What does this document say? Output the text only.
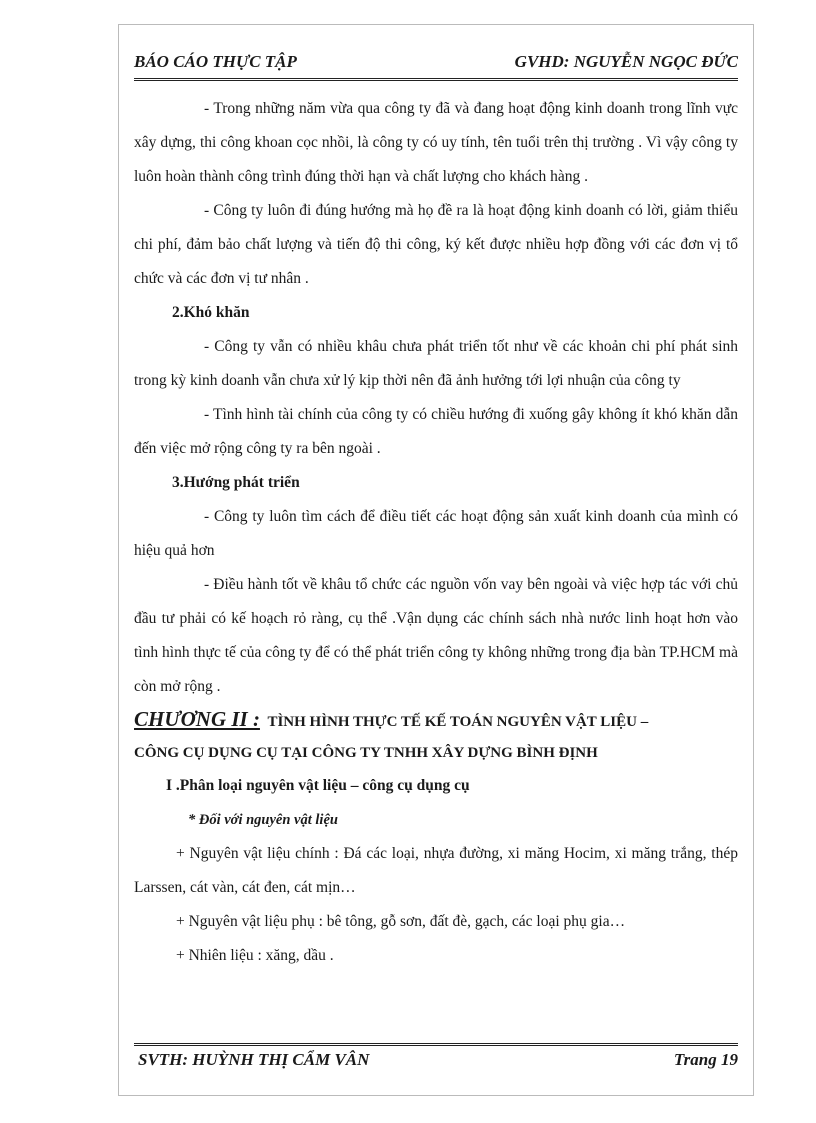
BÁO CÁO THỰC TẬP	GVHD: NGUYỄN NGỌC ĐỨC

- Trong những năm vừa qua công ty đã và đang hoạt động kinh doanh trong lĩnh vực xây dựng, thi công khoan cọc nhồi, là công ty có uy tính, tên tuổi trên thị trường . Vì vậy công ty luôn hoàn thành công trình đúng thời hạn và chất lượng cho khách hàng .

- Công ty luôn đi đúng hướng mà họ đề ra là hoạt động kinh doanh có lời, giảm thiểu chi phí, đảm bảo chất lượng và tiến độ thi công, ký kết được nhiều hợp đồng với các đơn vị tổ chức và các đơn vị tư nhân .

2.Khó khăn

- Công ty vẫn có nhiều khâu chưa phát triển tốt như về các khoản chi phí phát sinh trong kỳ kinh doanh vẫn chưa xử lý kịp thời nên đã ảnh hưởng tới lợi nhuận của công ty

- Tình hình tài chính của công ty có chiều hướng đi xuống gây không ít khó khăn dẫn đến việc mở rộng công ty ra bên ngoài .

3.Hướng phát triển

- Công ty luôn tìm cách để điều tiết các hoạt động sản xuất kinh doanh của mình có hiệu quả hơn

- Điều hành tốt về khâu tổ chức các nguồn vốn vay bên ngoài và việc hợp tác với chủ đầu tư phải có kế hoạch rỏ ràng, cụ thể .Vận dụng các chính sách nhà nước linh hoạt hơn vào tình hình thực tế của công ty để có thể phát triển công ty không những trong địa bàn TP.HCM mà còn mở rộng .

CHƯƠNG II : TÌNH HÌNH THỰC TẾ KẾ TOÁN NGUYÊN VẬT LIỆU –

CÔNG CỤ DỤNG CỤ TẠI CÔNG TY TNHH XÂY DỰNG BÌNH ĐỊNH

I .Phân loại nguyên vật liệu – công cụ dụng cụ

* Đối với nguyên vật liệu

+ Nguyên vật liệu chính : Đá các loại, nhựa đường, xi măng Hocim, xi măng trắng, thép Larssen, cát vàn, cát đen, cát mịn…

+ Nguyên vật liệu phụ : bê tông, gỗ sơn, đất đè, gạch, các loại phụ gia…

+ Nhiên liệu : xăng, dầu .

SVTH: HUỲNH THỊ CẨM VÂN	Trang 19
